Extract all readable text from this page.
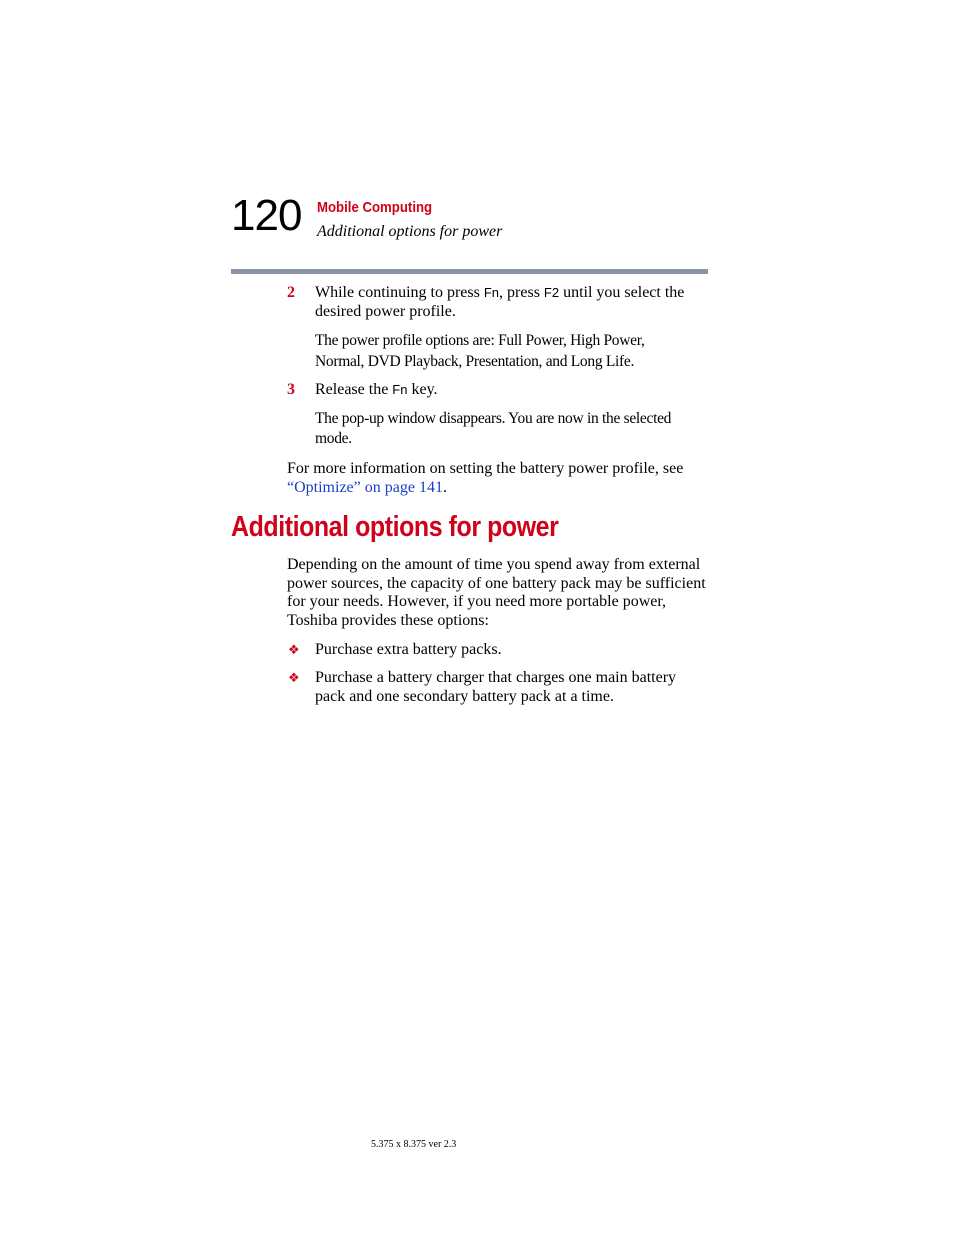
120 Mobile Computing
Additional options for power
2 While continuing to press Fn, press F2 until you select the desired power profile.
The power profile options are: Full Power, High Power, Normal, DVD Playback, Presentation, and Long Life.
3 Release the Fn key.
The pop-up window disappears. You are now in the selected mode.
For more information on setting the battery power profile, see “Optimize” on page 141.
Additional options for power
Depending on the amount of time you spend away from external power sources, the capacity of one battery pack may be sufficient for your needs. However, if you need more portable power, Toshiba provides these options:
❖ Purchase extra battery packs.
❖ Purchase a battery charger that charges one main battery pack and one secondary battery pack at a time.
5.375 x 8.375 ver 2.3
